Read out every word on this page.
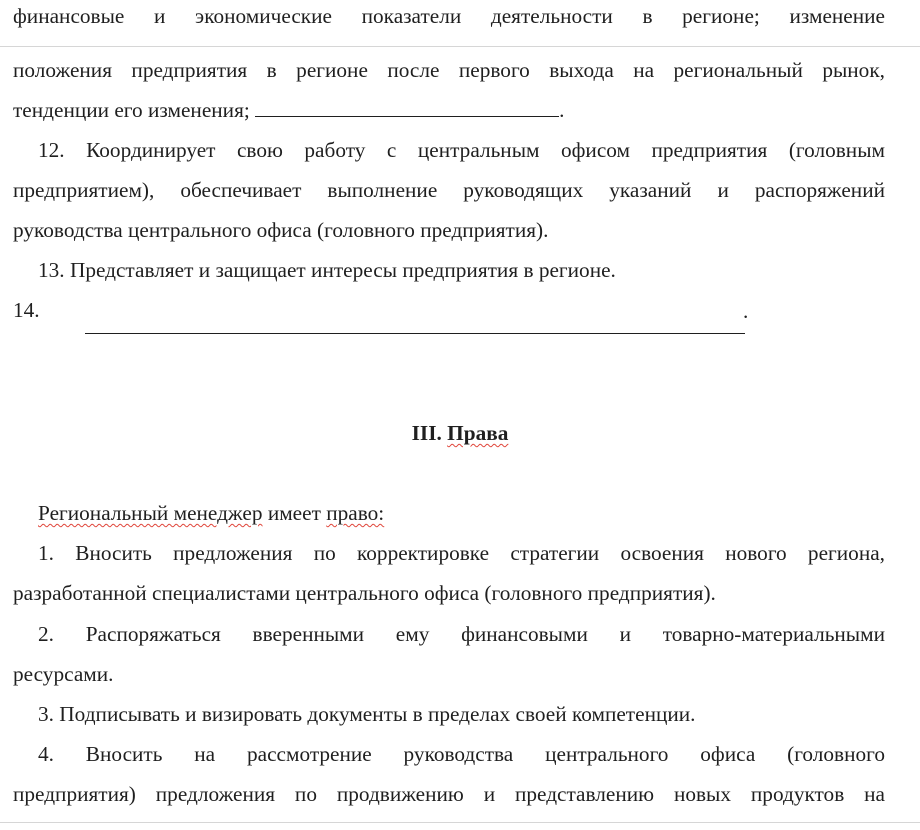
финансовые и экономические показатели деятельности в регионе; изменение
положения предприятия в регионе после первого выхода на региональный рынок,
тенденции его изменения;	.
12. Координирует свою работу с центральным офисом предприятия (головным
предприятием), обеспечивает выполнение руководящих указаний и распоряжений
руководства центрального офиса (головного предприятия).
13. Представляет и защищает интересы предприятия в регионе.
14.	.
III. Права
Региональный менеджер имеет право:
1. Вносить предложения по корректировке стратегии освоения нового региона,
разработанной специалистами центрального офиса (головного предприятия).
2. Распоряжаться вверенными ему финансовыми и товарно-материальными
ресурсами.
3. Подписывать и визировать документы в пределах своей компетенции.
4. Вносить на рассмотрение руководства центрального офиса (головного
предприятия) предложения по продвижению и представлению новых продуктов на
